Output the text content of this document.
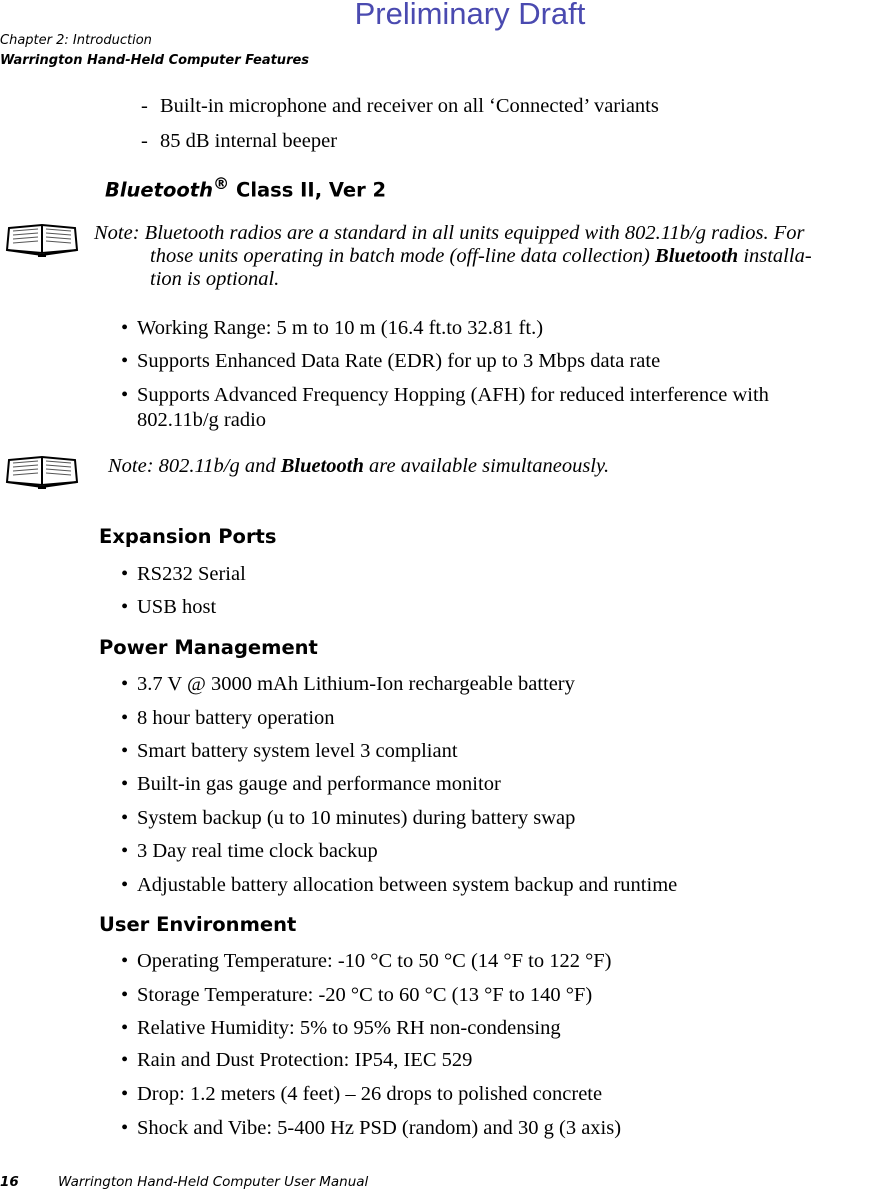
Preliminary Draft
Chapter 2: Introduction
Warrington Hand-Held Computer Features
- Built-in microphone and receiver on all ‘Connected’ variants
- 85 dB internal beeper
Bluetooth® Class II, Ver 2
Note: Bluetooth radios are a standard in all units equipped with 802.11b/g radios. For
those units operating in batch mode (off-line data collection) Bluetooth installa-
tion is optional.
• Working Range: 5 m to 10 m (16.4 ft.to 32.81 ft.)
• Supports Enhanced Data Rate (EDR) for up to 3 Mbps data rate
• Supports Advanced Frequency Hopping (AFH) for reduced interference with
802.11b/g radio
Note: 802.11b/g and Bluetooth are available simultaneously.
Expansion Ports
• RS232 Serial
• USB host
Power Management
• 3.7 V @ 3000 mAh Lithium-Ion rechargeable battery
• 8 hour battery operation
• Smart battery system level 3 compliant
• Built-in gas gauge and performance monitor
• System backup (u to 10 minutes) during battery swap
• 3 Day real time clock backup
• Adjustable battery allocation between system backup and runtime
User Environment
• Operating Temperature: -10 °C to 50 °C (14 °F to 122 °F)
• Storage Temperature: -20 °C to 60 °C (13 °F to 140 °F)
• Relative Humidity: 5% to 95% RH non-condensing
• Rain and Dust Protection: IP54, IEC 529
• Drop: 1.2 meters (4 feet) – 26 drops to polished concrete
• Shock and Vibe: 5-400 Hz PSD (random) and 30 g (3 axis)
16	Warrington Hand-Held Computer User Manual
